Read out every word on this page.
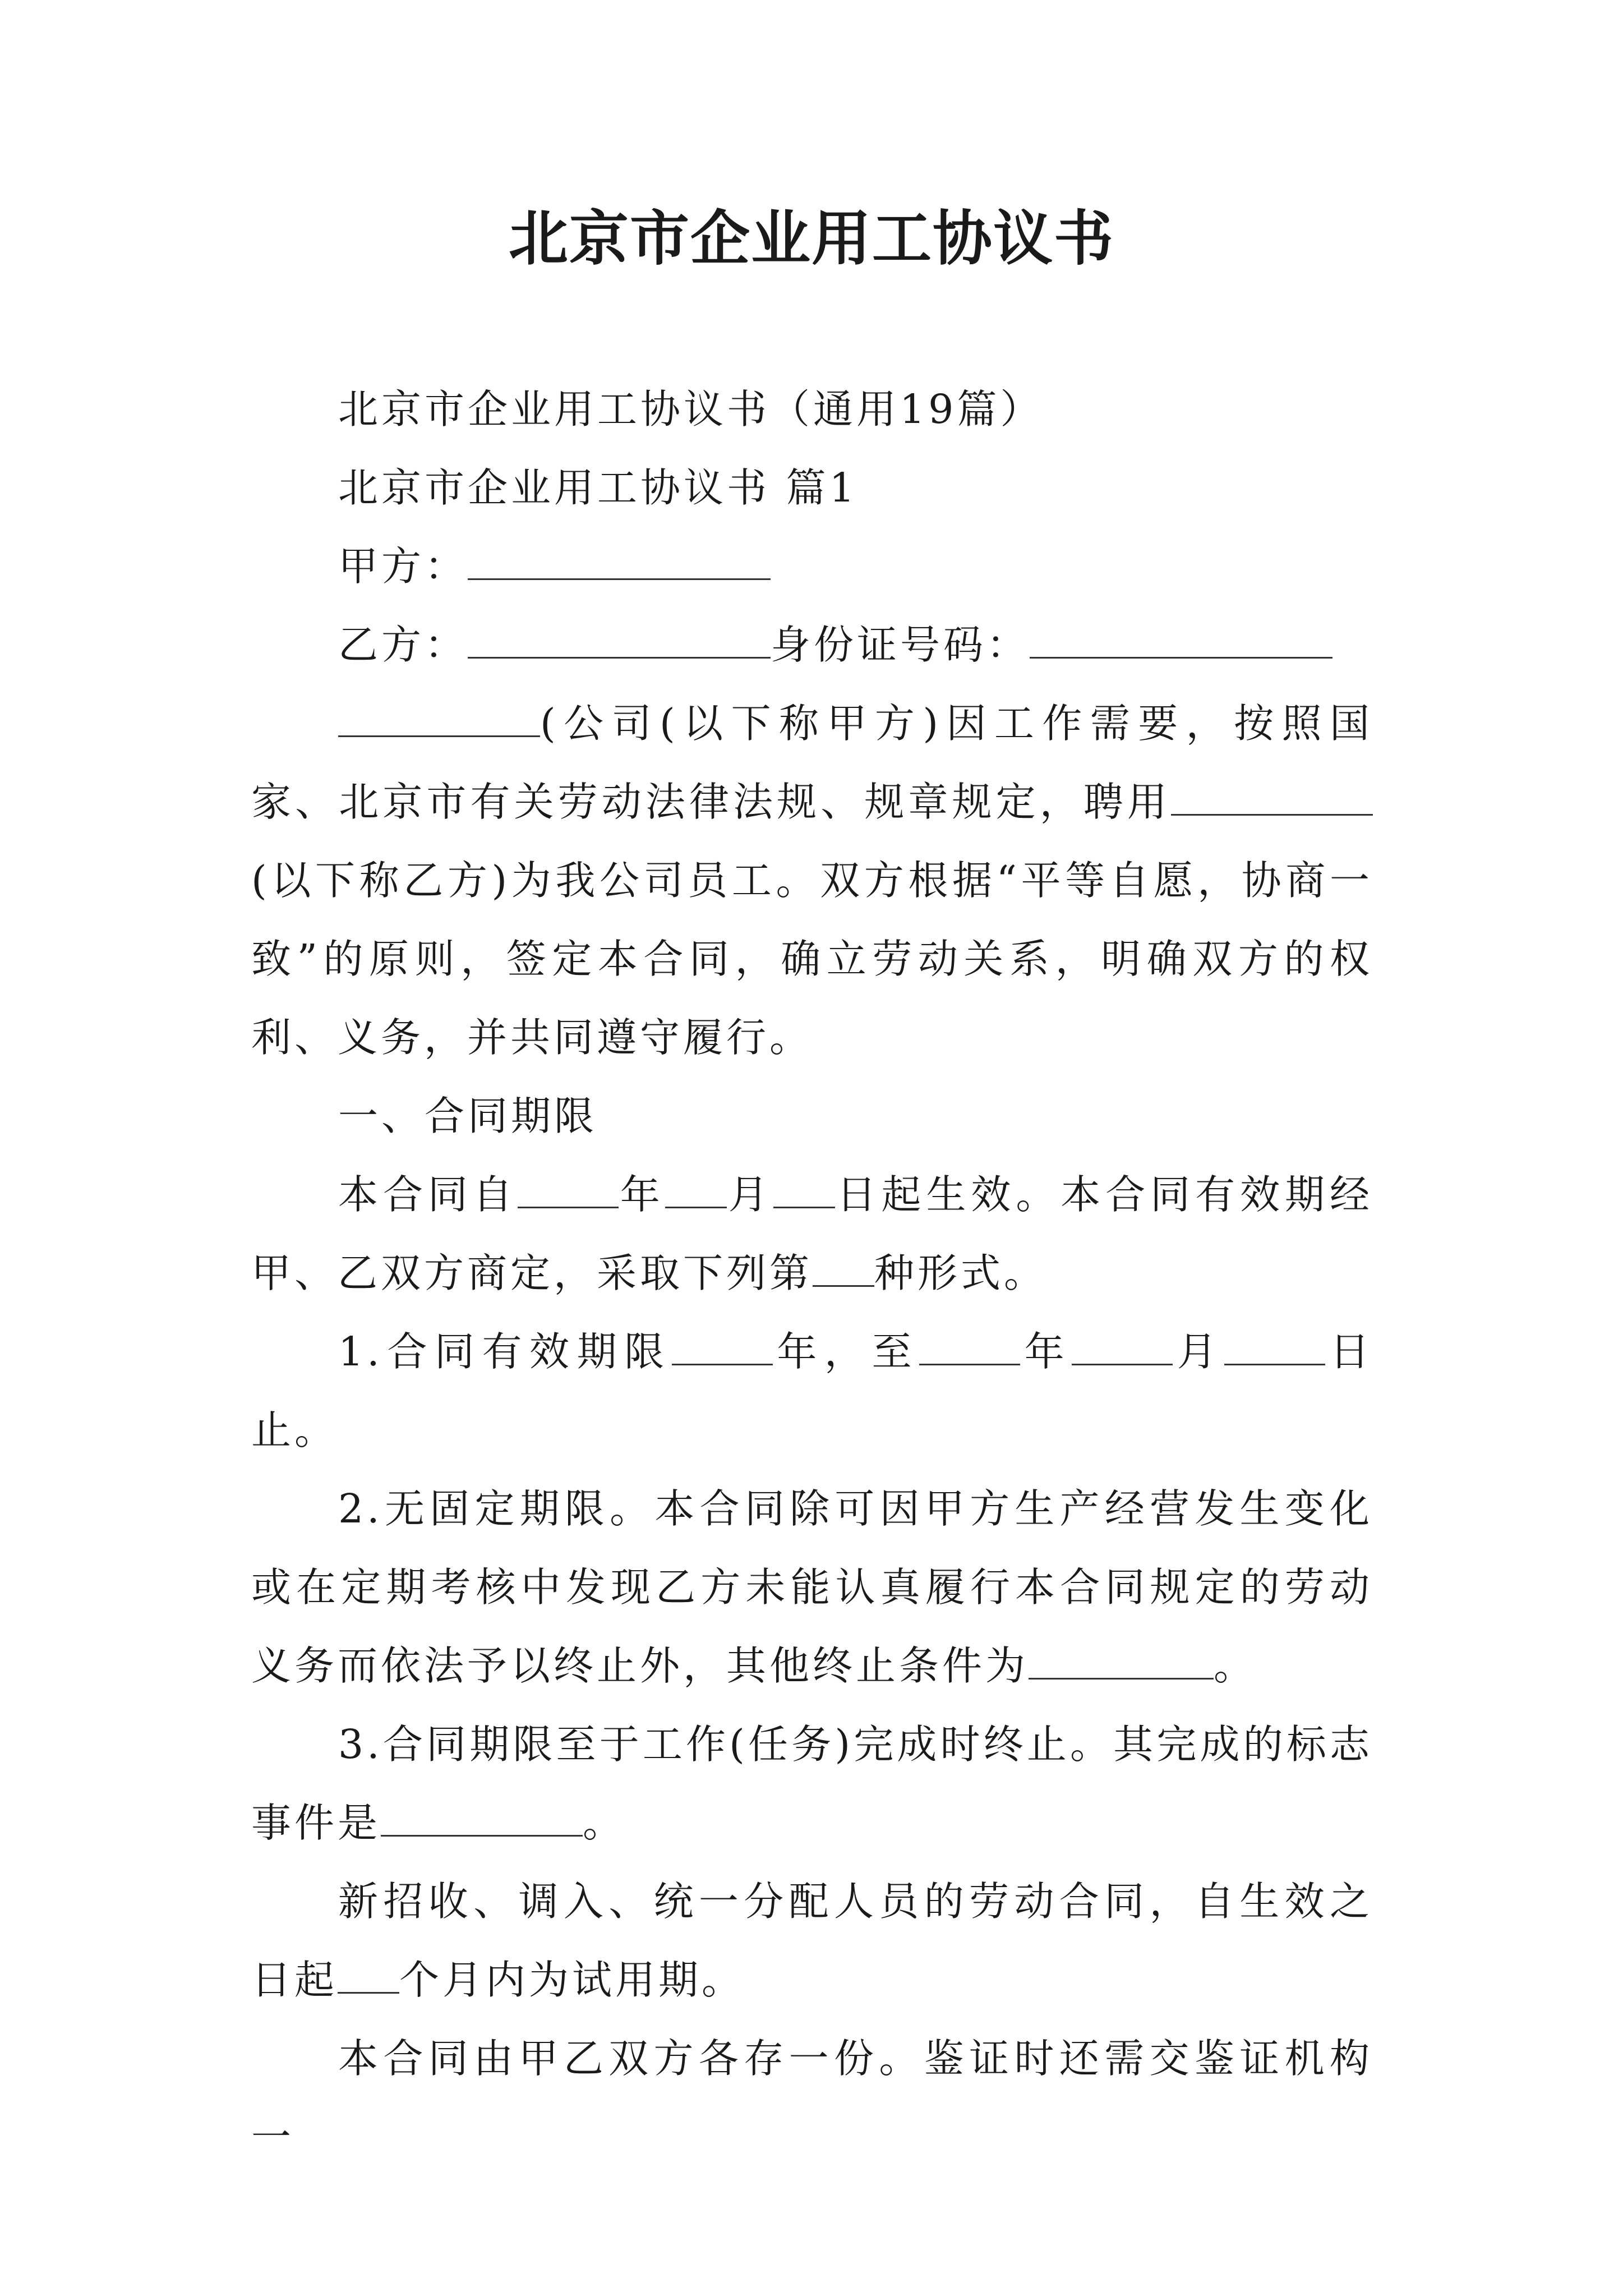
北京市企业用工协议书

北京市企业用工协议书（通用19篇）

北京市企业用工协议书 篇1

甲方：

乙方：	身份证号码：

(公司(以下称甲方)因工作需要，按照国家、北京市有关劳动法律法规、规章规定，聘用(以下称乙方)为我公司员工。双方根据“平等自愿，协商一致”的原则，签定本合同，确立劳动关系，明确双方的权利、义务，并共同遵守履行。

一、合同期限

本合同自	年 月 日起生效。本合同有效期经甲、乙双方商定，采取下列第 种形式。

1.合同有效期限	年，至	年	月	日止。

2.无固定期限。本合同除可因甲方生产经营发生变化或在定期考核中发现乙方未能认真履行本合同规定的劳动义务而依法予以终止外，其他终止条件为	。

3.合同期限至于工作(任务)完成时终止。其完成的标志事件是	。

新招收、调入、统一分配人员的劳动合同，自生效之日起 个月内为试用期。

本合同由甲乙双方各存一份。鉴证时还需交鉴证机构一
